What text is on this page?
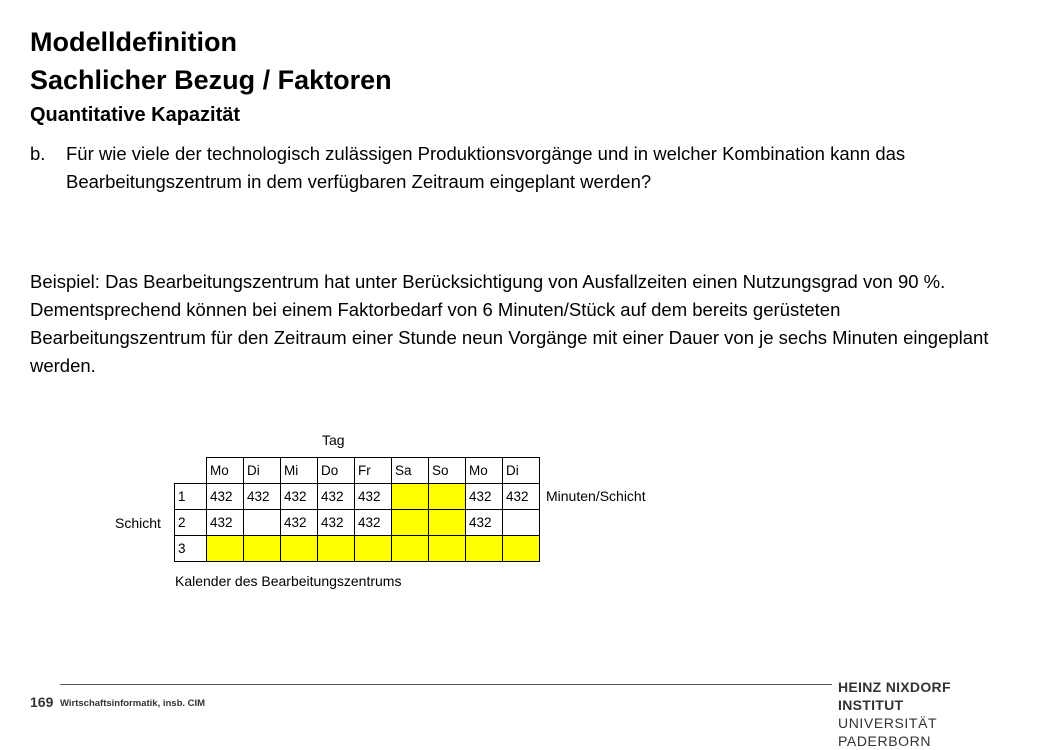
Modelldefinition
Sachlicher Bezug / Faktoren
Quantitative Kapazität
b.	Für wie viele der technologisch zulässigen Produktionsvorgänge und in welcher Kombination kann das Bearbeitungszentrum in dem verfügbaren Zeitraum eingeplant werden?
Beispiel: Das Bearbeitungszentrum hat unter Berücksichtigung von Ausfallzeiten einen Nutzungsgrad von 90 %. Dementsprechend können bei einem Faktorbedarf von 6 Minuten/Stück auf dem bereits gerüsteten Bearbeitungszentrum für den Zeitraum einer Stunde neun Vorgänge mit einer Dauer von je sechs Minuten eingeplant werden.
Tag
Schicht
	Mo	Di	Mi	Do	Fr	Sa	So	Mo	Di
1	432	432	432	432	432			432	432
2	432		432	432	432			432	
3									
Minuten/Schicht
Kalender des Bearbeitungszentrums
169 Wirtschaftsinformatik, insb. CIM
HEINZ NIXDORF INSTITUT
UNIVERSITÄT PADERBORN
